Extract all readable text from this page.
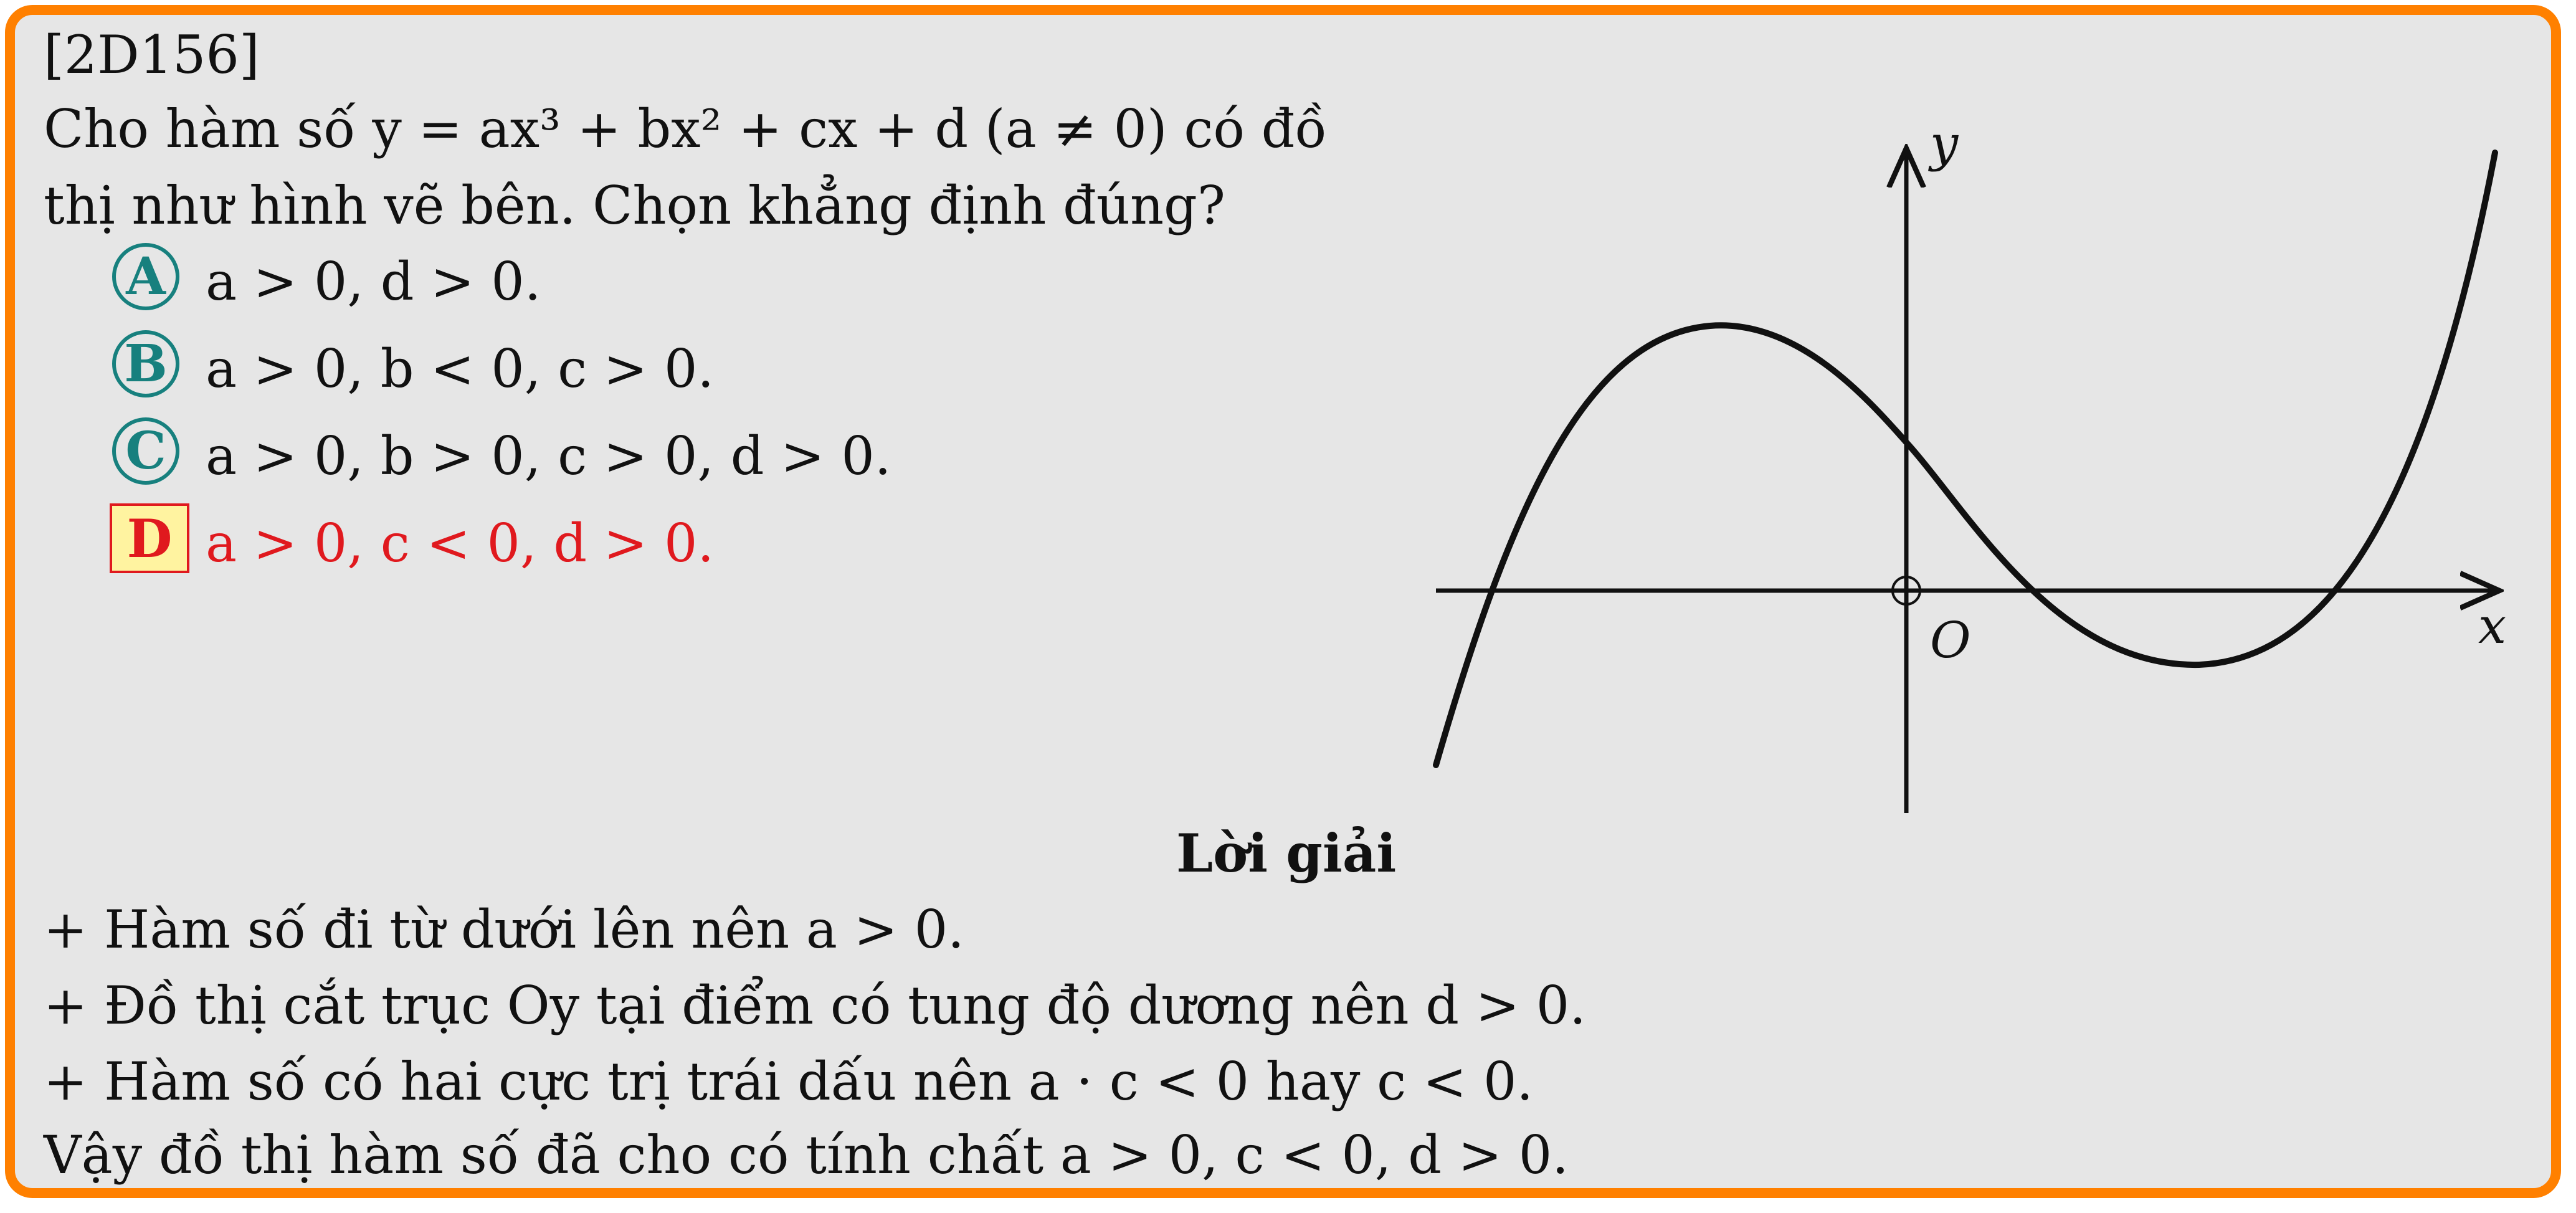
[2D156]
Cho hàm số y = ax³ + bx² + cx + d (a ≠ 0) có đồ
thị như hình vẽ bên. Chọn khẳng định đúng?
A a > 0, d > 0.
B a > 0, b < 0, c > 0.
C a > 0, b > 0, c > 0, d > 0.
D a > 0, c < 0, d > 0.
y
x
O
Lời giải
+ Hàm số đi từ dưới lên nên a > 0.
+ Đồ thị cắt trục Oy tại điểm có tung độ dương nên d > 0.
+ Hàm số có hai cực trị trái dấu nên a · c < 0 hay c < 0.
Vậy đồ thị hàm số đã cho có tính chất a > 0, c < 0, d > 0.
